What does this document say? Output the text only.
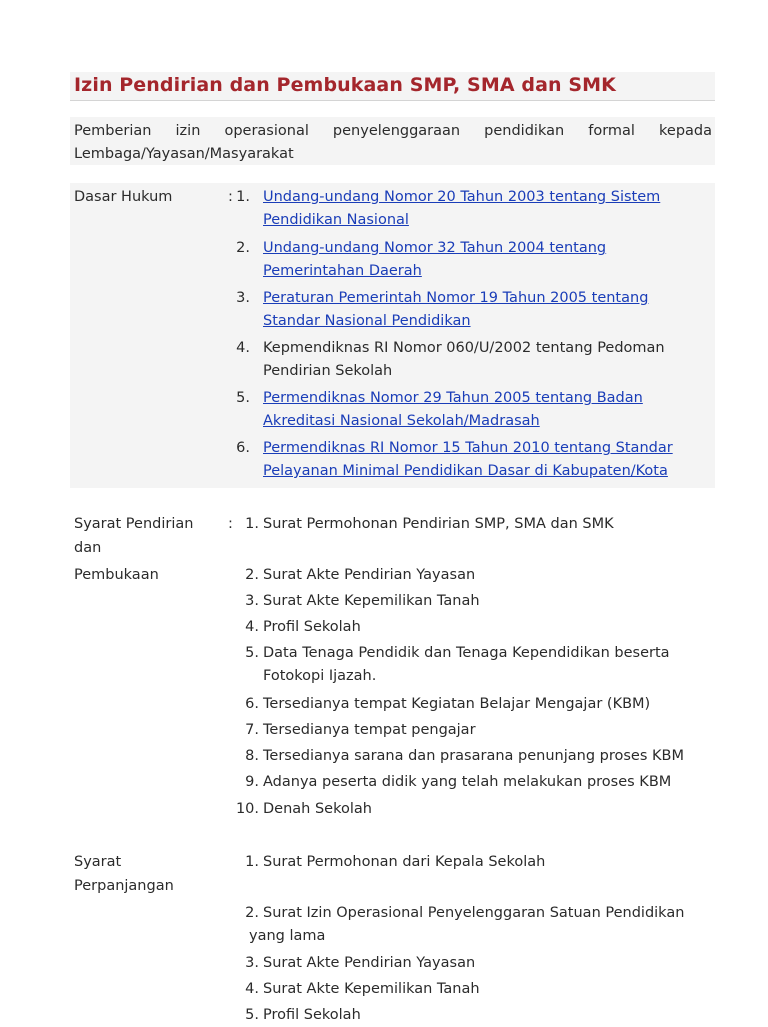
Izin Pendirian dan Pembukaan SMP, SMA dan SMK
Pemberian izin operasional penyelenggaraan pendidikan formal kepada Lembaga/Yayasan/Masyarakat
Dasar Hukum	: 1. Undang-undang Nomor 20 Tahun 2003 tentang Sistem Pendidikan Nasional
2. Undang-undang Nomor 32 Tahun 2004 tentang Pemerintahan Daerah
3. Peraturan Pemerintah Nomor 19 Tahun 2005 tentang Standar Nasional Pendidikan
4. Kepmendiknas RI Nomor 060/U/2002 tentang Pedoman Pendirian Sekolah
5. Permendiknas Nomor 29 Tahun 2005 tentang Badan Akreditasi Nasional Sekolah/Madrasah
6. Permendiknas RI Nomor 15 Tahun 2010 tentang Standar Pelayanan Minimal Pendidikan Dasar di Kabupaten/Kota
Syarat Pendirian
dan
Pembukaan
: 1. Surat Permohonan Pendirian SMP, SMA dan SMK
2. Surat Akte Pendirian Yayasan
3. Surat Akte Kepemilikan Tanah
4. Profil Sekolah
5. Data Tenaga Pendidik dan Tenaga Kependidikan beserta Fotokopi Ijazah.
6. Tersedianya tempat Kegiatan Belajar Mengajar (KBM)
7. Tersedianya tempat pengajar
8. Tersedianya sarana dan prasarana penunjang proses KBM
9. Adanya peserta didik yang telah melakukan proses KBM
10. Denah Sekolah
Syarat
Perpanjangan
1. Surat Permohonan dari Kepala Sekolah
2. Surat Izin Operasional Penyelenggaran Satuan Pendidikan yang lama
3. Surat Akte Pendirian Yayasan
4. Surat Akte Kepemilikan Tanah
5. Profil Sekolah
